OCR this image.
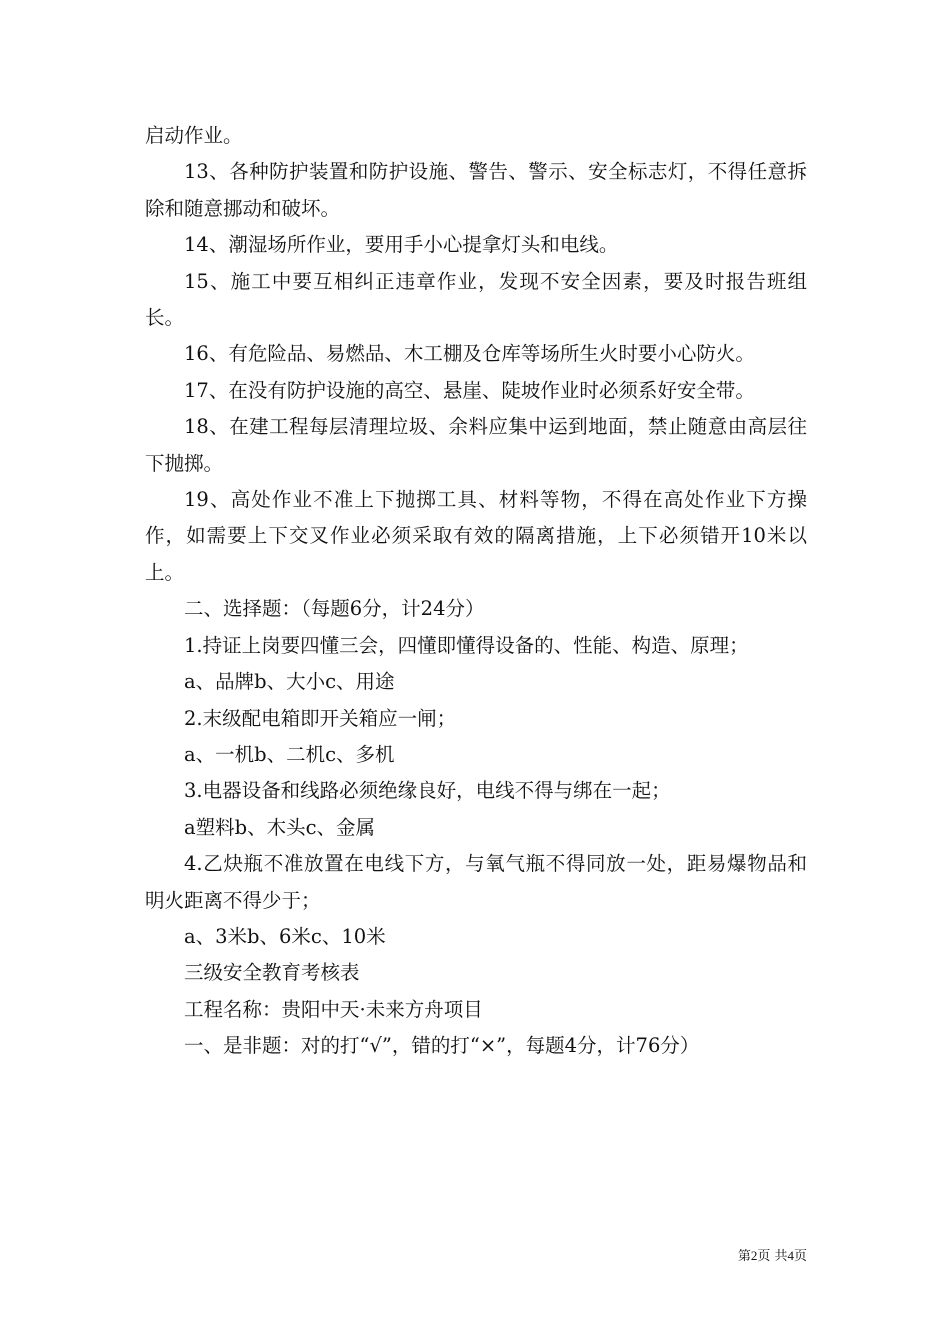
启动作业。

13、各种防护装置和防护设施、警告、警示、安全标志灯，不得任意拆除和随意挪动和破坏。

14、潮湿场所作业，要用手小心提拿灯头和电线。

15、施工中要互相纠正违章作业，发现不安全因素，要及时报告班组长。

16、有危险品、易燃品、木工棚及仓库等场所生火时要小心防火。

17、在没有防护设施的高空、悬崖、陡坡作业时必须系好安全带。

18、在建工程每层清理垃圾、余料应集中运到地面，禁止随意由高层往下抛掷。

19、高处作业不准上下抛掷工具、材料等物，不得在高处作业下方操作，如需要上下交叉作业必须采取有效的隔离措施，上下必须错开10米以上。

二、选择题：（每题6分，计24分）

1.持证上岗要四懂三会，四懂即懂得设备的、性能、构造、原理；

a、品牌b、大小c、用途

2.末级配电箱即开关箱应一闸；

a、一机b、二机c、多机

3.电器设备和线路必须绝缘良好，电线不得与绑在一起；

a塑料b、木头c、金属

4.乙炔瓶不准放置在电线下方，与氧气瓶不得同放一处，距易爆物品和明火距离不得少于；

a、3米b、6米c、10米

三级安全教育考核表

工程名称：贵阳中天·未来方舟项目

一、是非题：对的打“√”，错的打“×”，每题4分，计76分）

第2页 共4页
